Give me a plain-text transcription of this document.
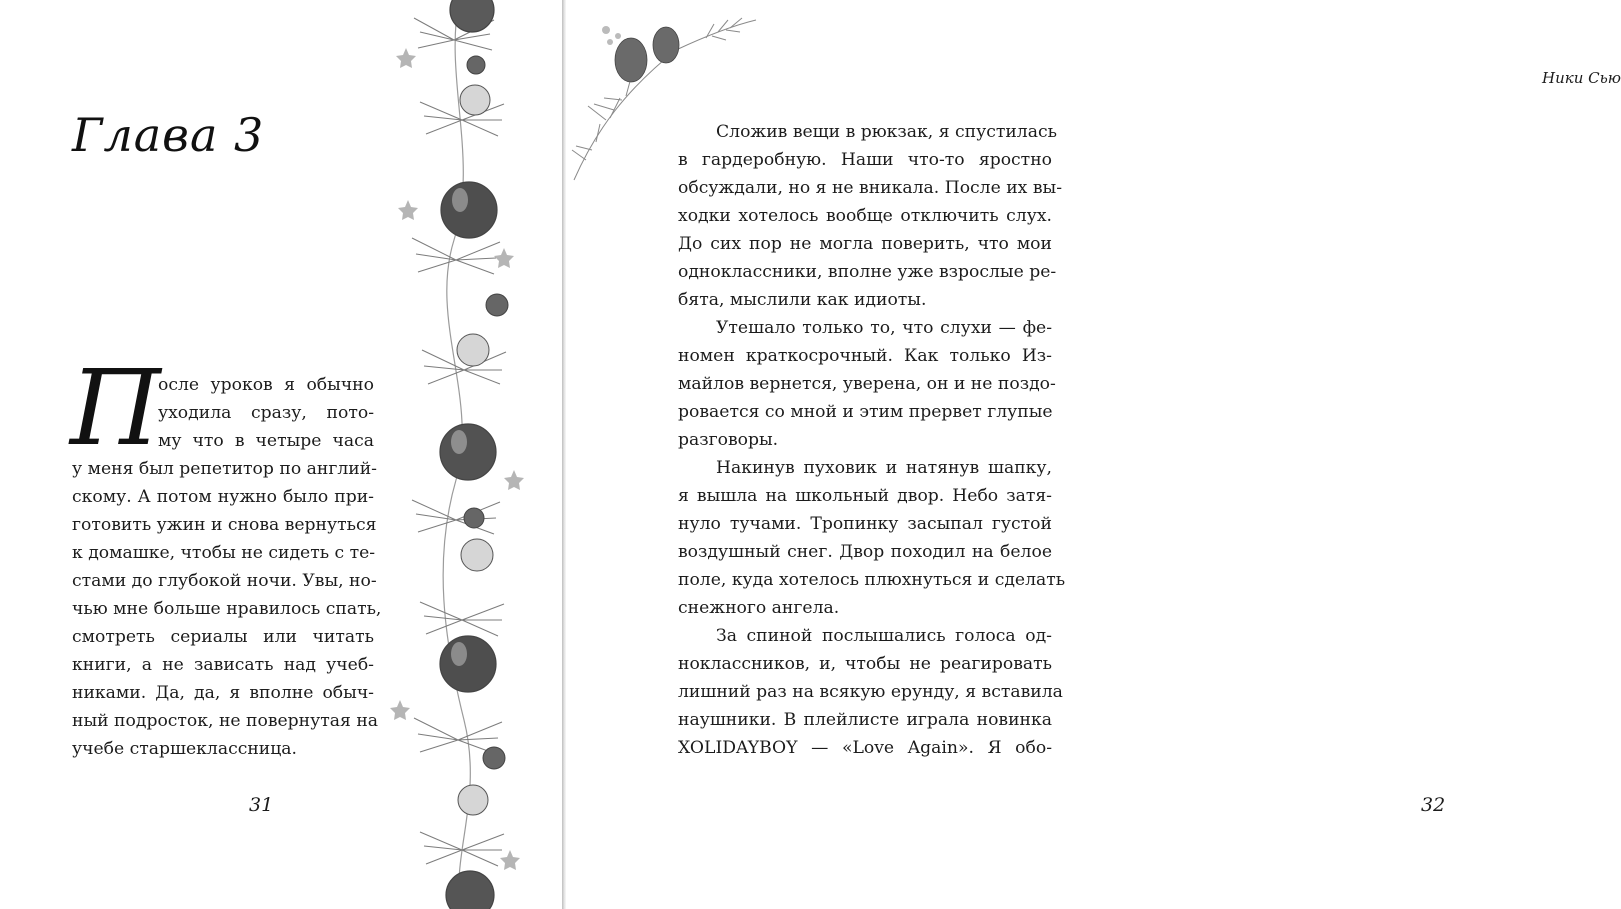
Глава 3
П
осле уроков я обычно
уходила сразу, пото-
му что в четыре часа
у меня был репетитор по англий-
скому. А потом нужно было при-
готовить ужин и снова вернуться
к домашке, чтобы не сидеть с те-
стами до глубокой ночи. Увы, но-
чью мне больше нравилось спать,
смотреть сериалы или читать
книги, а не зависать над учеб-
никами. Да, да, я вполне обыч-
ный подросток, не повернутая на
учебе старшеклассница.
31
Ники Сью
32
Сложив вещи в рюкзак, я спустилась
в гардеробную. Наши что-то яростно
обсуждали, но я не вникала. После их вы-
ходки хотелось вообще отключить слух.
До сих пор не могла поверить, что мои
одноклассники, вполне уже взрослые ре-
бята, мыслили как идиоты.
Утешало только то, что слухи — фе-
номен краткосрочный. Как только Из-
майлов вернется, уверена, он и не поздо-
ровается со мной и этим прервет глупые
разговоры.
Накинув пуховик и натянув шапку,
я вышла на школьный двор. Небо затя-
нуло тучами. Тропинку засыпал густой
воздушный снег. Двор походил на белое
поле, куда хотелось плюхнуться и сделать
снежного ангела.
За спиной послышались голоса од-
ноклассников, и, чтобы не реагировать
лишний раз на всякую ерунду, я вставила
наушники. В плейлисте играла новинка
XOLIDAYBOY — «Love Again». Я обо-
